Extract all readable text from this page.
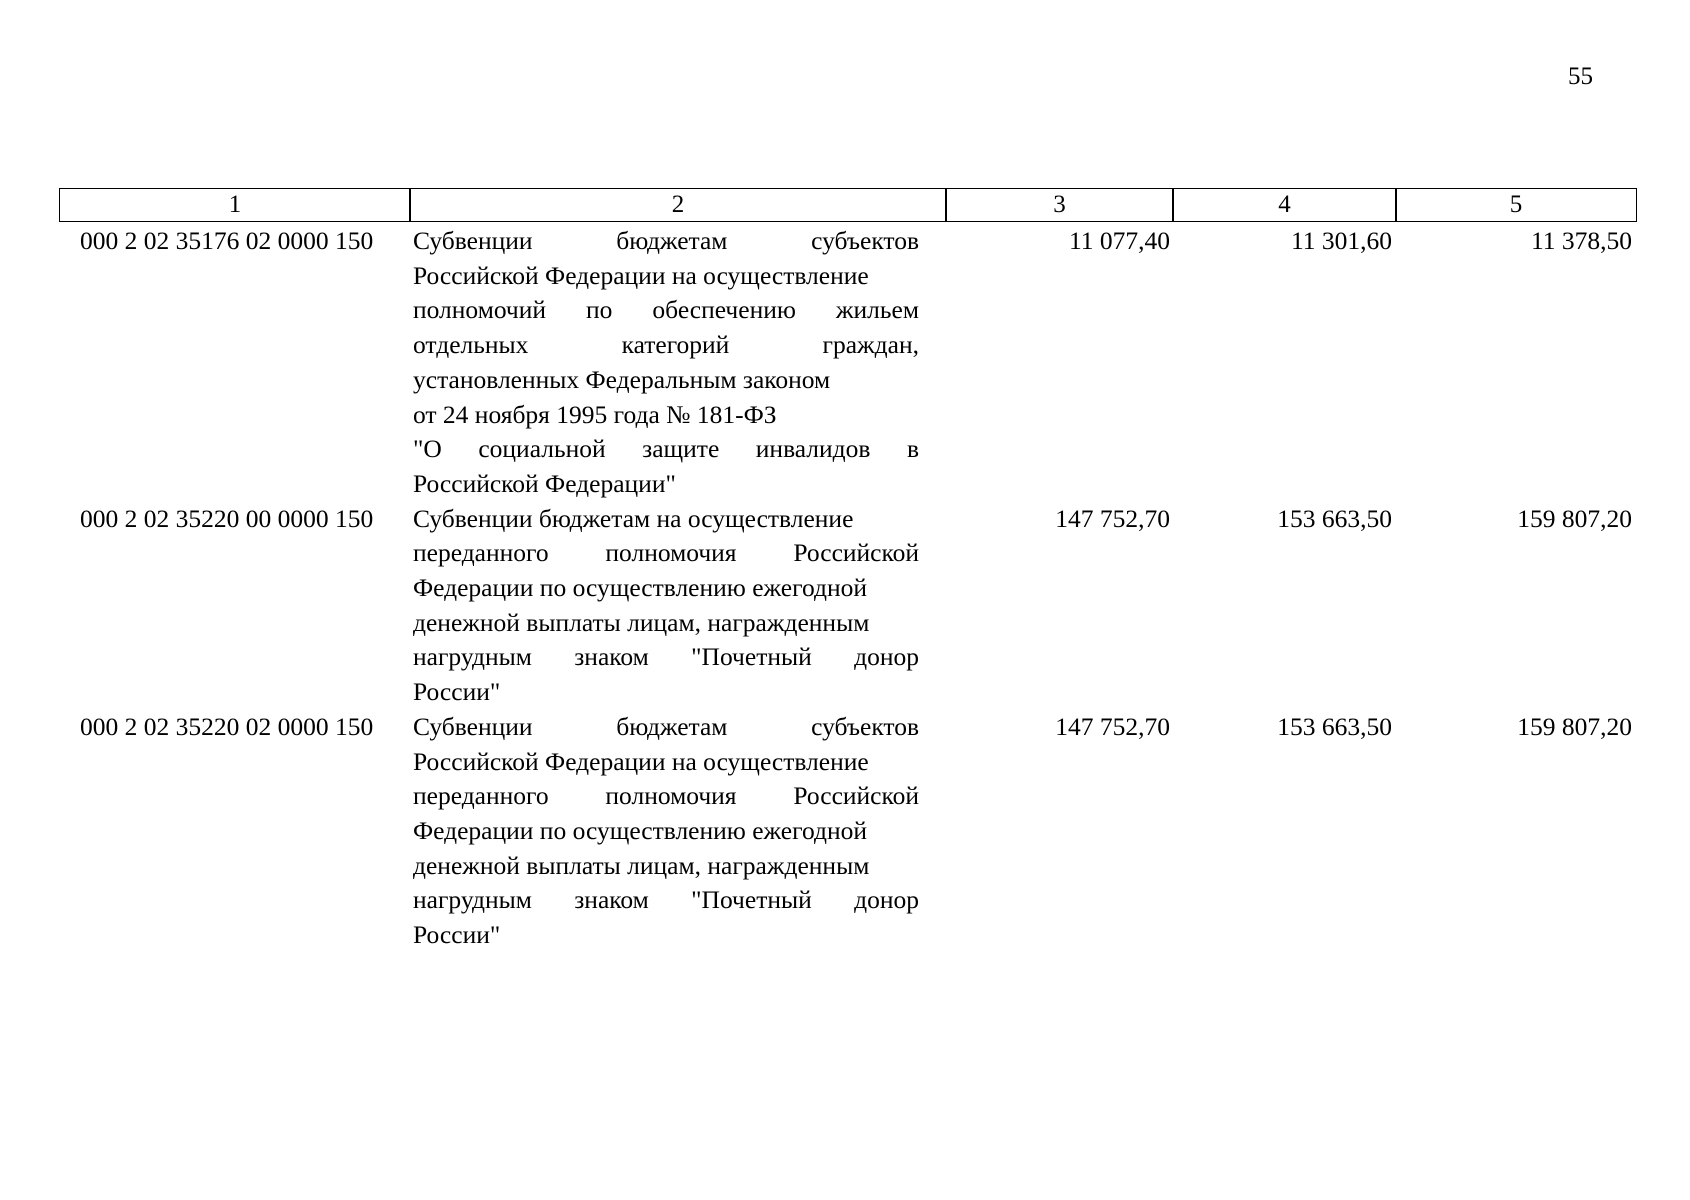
55
1	2	3	4	5
000 2 02 35176 02 0000 150 Субвенции бюджетам субъектов
Российской Федерации на осуществление
полномочий по обеспечению жильем
отдельных категорий граждан,
установленных Федеральным законом
от 24 ноября 1995 года № 181-ФЗ
"О социальной защите инвалидов в
Российской Федерации"
11 077,40	11 301,60	11 378,50
000 2 02 35220 00 0000 150 Субвенции бюджетам на осуществление
переданного полномочия Российской
Федерации по осуществлению ежегодной
денежной выплаты лицам, награжденным
нагрудным знаком "Почетный донор
России"
147 752,70	153 663,50	159 807,20
000 2 02 35220 02 0000 150 Субвенции бюджетам субъектов
Российской Федерации на осуществление
переданного полномочия Российской
Федерации по осуществлению ежегодной
денежной выплаты лицам, награжденным
нагрудным знаком "Почетный донор
России"
147 752,70	153 663,50	159 807,20
